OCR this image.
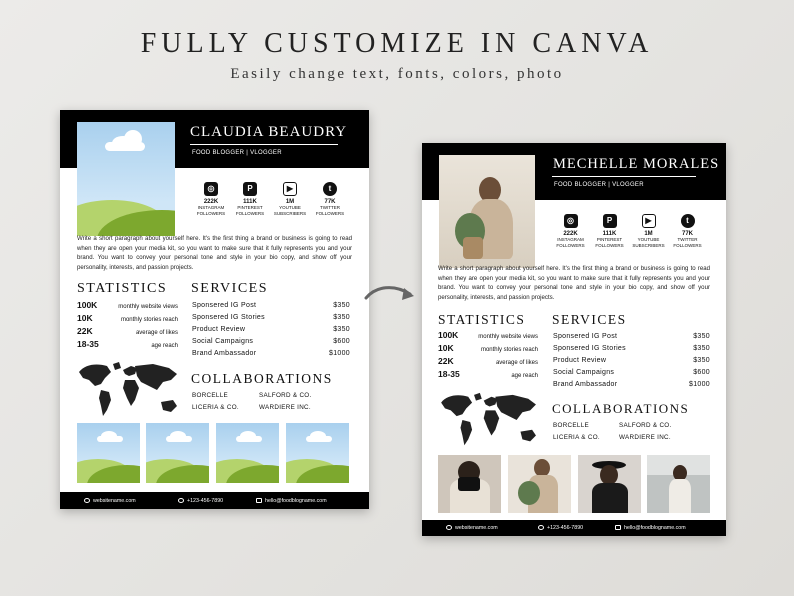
FULLY CUSTOMIZE IN CANVA
Easily change text, fonts, colors, photo
CLAUDIA BEAUDRY
FOOD BLOGGER | VLOGGER
◎
222K
INSTAGRAM FOLLOWERS
P
111K
PINTEREST FOLLOWERS
▶
1M
YOUTUBE SUBSCRIBERS
t
77K
TWITTER FOLLOWERS
Write a short paragraph about yourself here. It's the first thing a brand or business is going to read when they are open your media kit, so you want to make sure that it fully represents you and your brand. You want to convey your personal tone and style in your bio copy, and show off your personality, interests, and passion projects.
STATISTICS
100K	monthly website views
10K	monthly stories reach
22K	average of likes
18-35	age reach
SERVICES
Sponsered IG Post	$350
Sponsered IG Stories	$350
Product Review	$350
Social Campaigns	$600
Brand Ambassador	$1000
COLLABORATIONS
BORCELLE	SALFORD & CO.
LICERIA & CO.	WARDIERE INC.
websitename.com	+123-456-7890	hello@foodblogname.com
MECHELLE MORALES
FOOD BLOGGER | VLOGGER
◎
222K
INSTAGRAM FOLLOWERS
P
111K
PINTEREST FOLLOWERS
▶
1M
YOUTUBE SUBSCRIBERS
t
77K
TWITTER FOLLOWERS
Write a short paragraph about yourself here. It's the first thing a brand or business is going to read when they are open your media kit, so you want to make sure that it fully represents you and your brand. You want to convey your personal tone and style in your bio copy, and show off your personality, interests, and passion projects.
STATISTICS
100K	monthly website views
10K	monthly stories reach
22K	average of likes
18-35	age reach
SERVICES
Sponsered IG Post	$350
Sponsered IG Stories	$350
Product Review	$350
Social Campaigns	$600
Brand Ambassador	$1000
COLLABORATIONS
BORCELLE	SALFORD & CO.
LICERIA & CO.	WARDIERE INC.
websitename.com	+123-456-7890	hello@foodblogname.com
